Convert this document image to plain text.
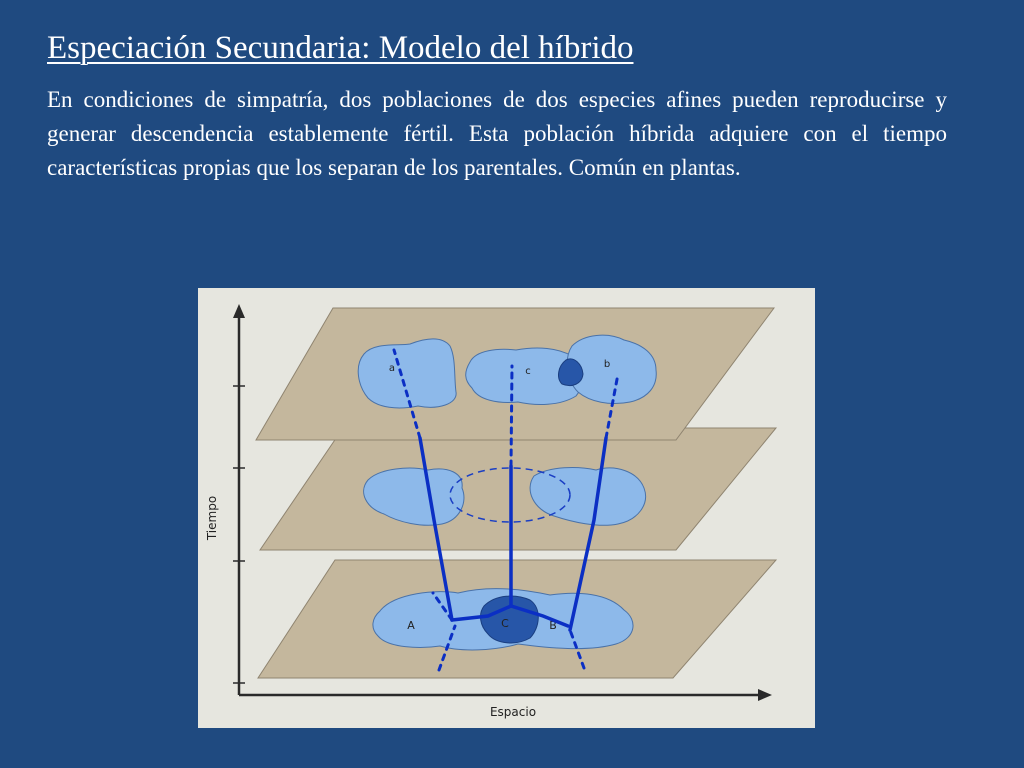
Especiación Secundaria: Modelo del híbrido

En condiciones de simpatría, dos poblaciones de dos especies afines pueden reproducirse y generar descendencia establemente fértil. Esta población híbrida adquiere con el tiempo características propias que los separan de los parentales. Común en plantas.

Tiempo
Espacio
A	C	B
a	c
b
